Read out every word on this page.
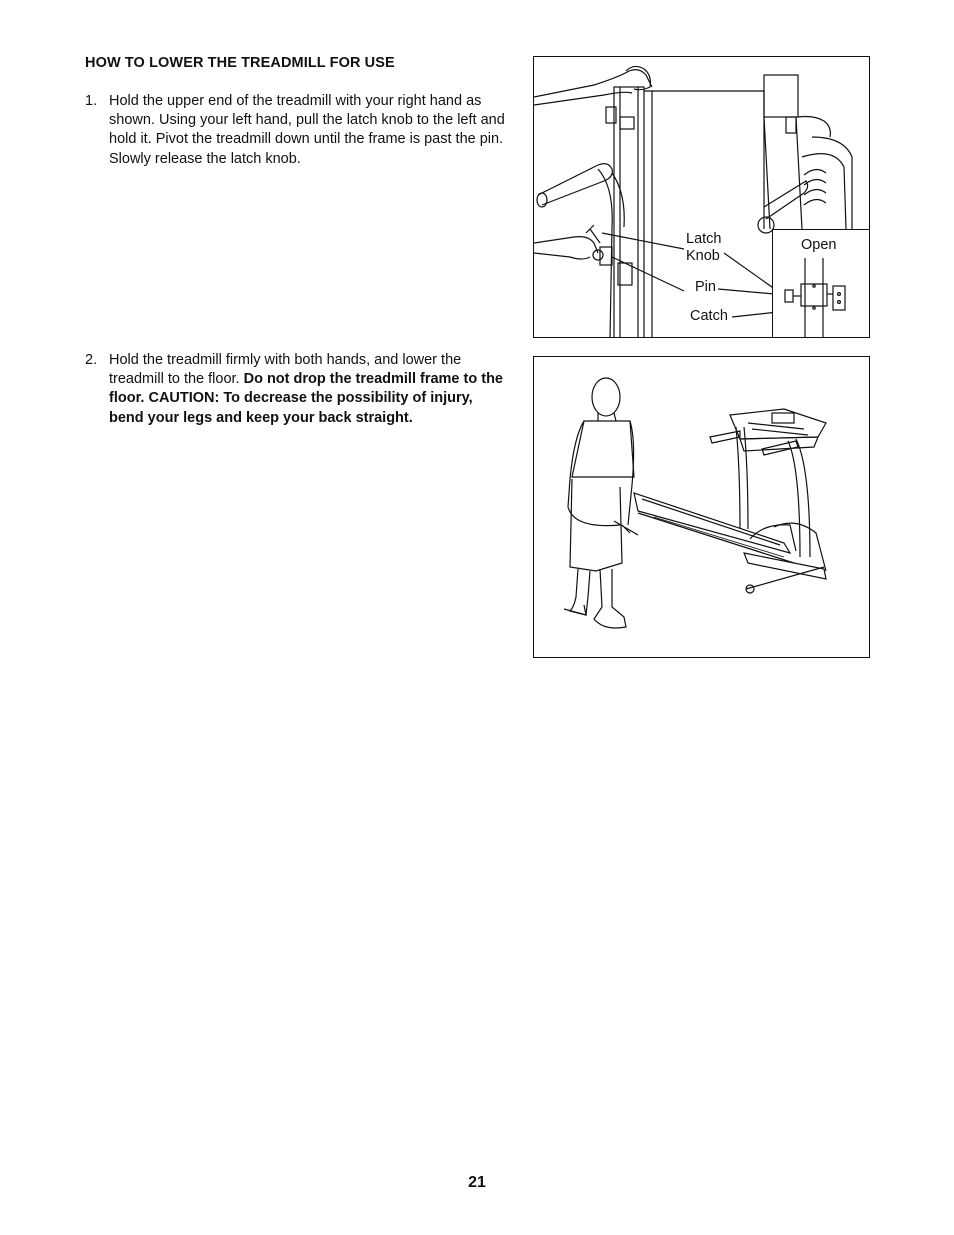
HOW TO LOWER THE TREADMILL FOR USE
1. Hold the upper end of the treadmill with your right hand as shown. Using your left hand, pull the latch knob to the left and hold it. Pivot the treadmill down until the frame is past the pin. Slowly release the latch knob.
2. Hold the treadmill firmly with both hands, and lower the treadmill to the floor. Do not drop the treadmill frame to the floor. CAUTION: To decrease the possibility of injury, bend your legs and keep your back straight.
Latch
Knob
Pin
Catch
Open
21
